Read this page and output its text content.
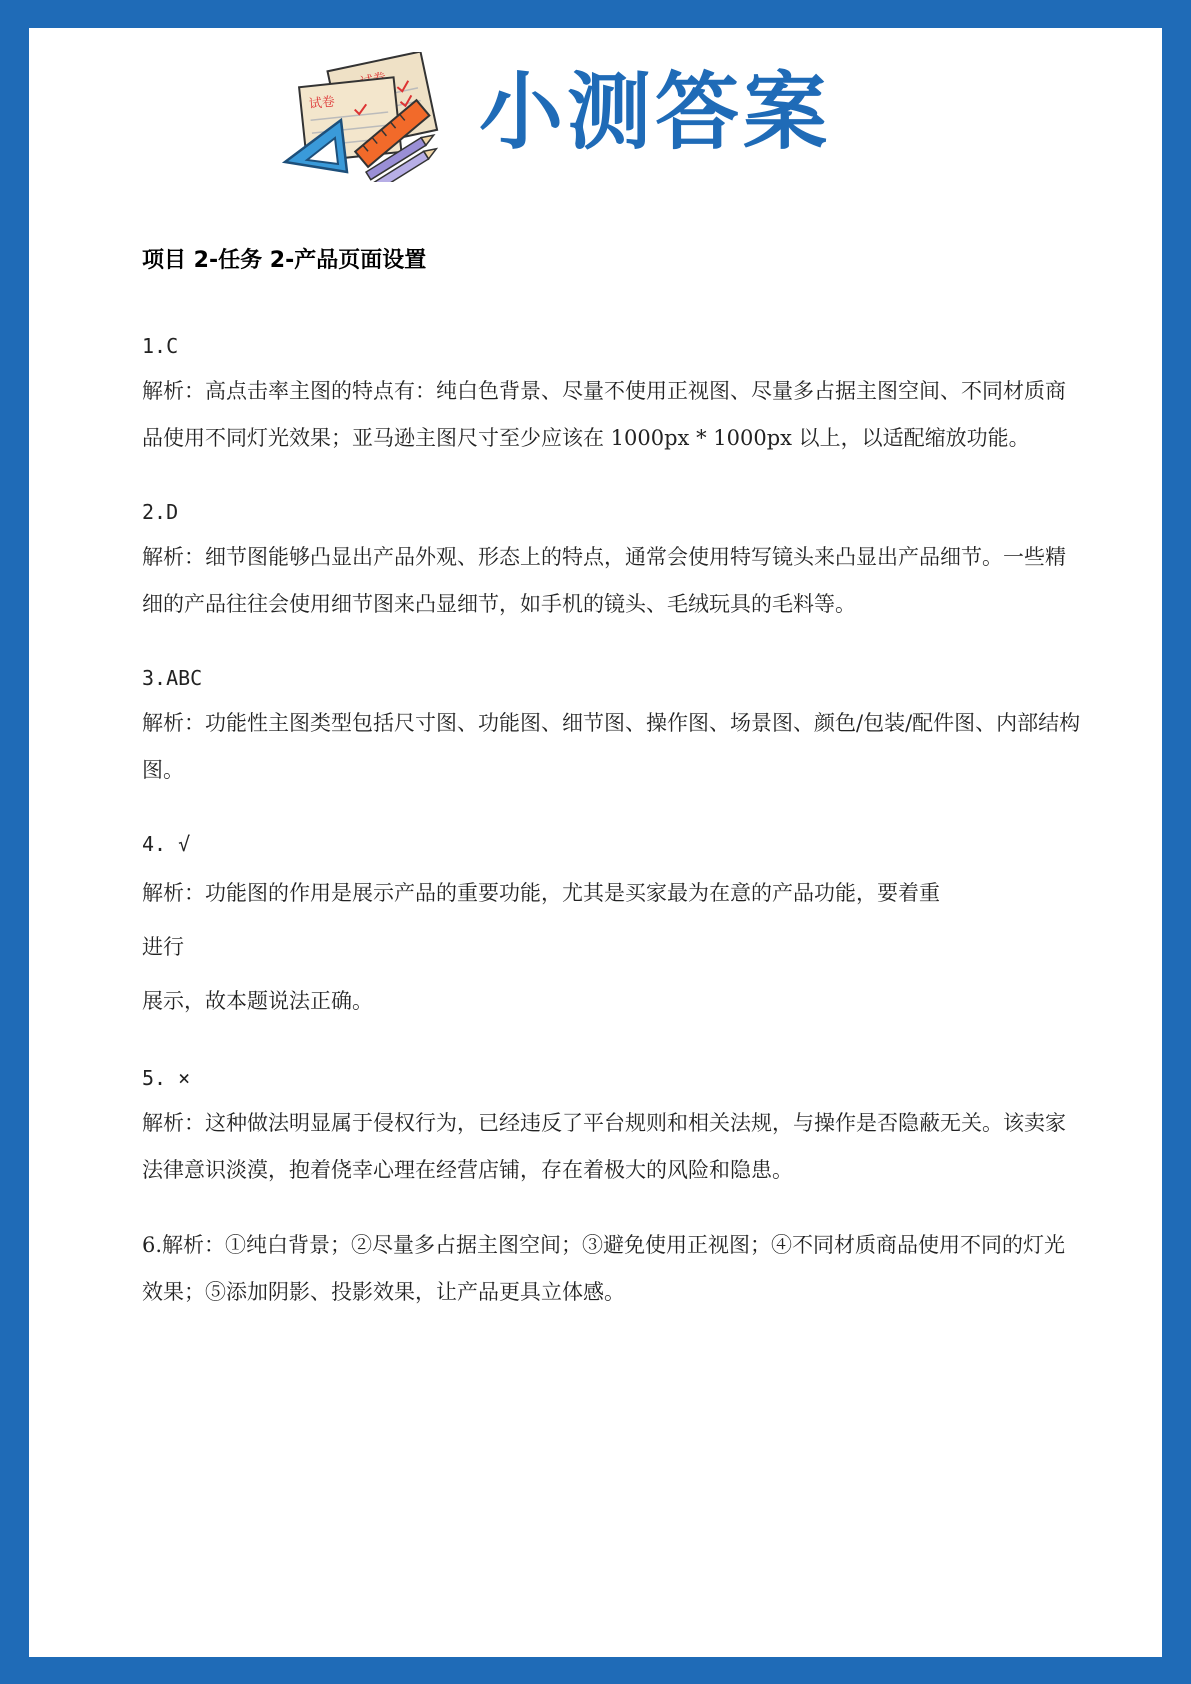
试卷 小测答案
项目 2-任务 2-产品页面设置

1.C

解析：高点击率主图的特点有：纯白色背景、尽量不使用正视图、尽量多占据主图空间、不同材质商品使用不同灯光效果；亚马逊主图尺寸至少应该在 1000px * 1000px 以上，以适配缩放功能。

2.D

解析：细节图能够凸显出产品外观、形态上的特点，通常会使用特写镜头来凸显出产品细节。一些精细的产品往往会使用细节图来凸显细节，如手机的镜头、毛绒玩具的毛料等。

3.ABC

解析：功能性主图类型包括尺寸图、功能图、细节图、操作图、场景图、颜色/包装/配件图、内部结构图。

4. √

解析：功能图的作用是展示产品的重要功能，尤其是买家最为在意的产品功能，要着重

进行

展示，故本题说法正确。

5. ×

解析：这种做法明显属于侵权行为，已经违反了平台规则和相关法规，与操作是否隐蔽无关。该卖家法律意识淡漠，抱着侥幸心理在经营店铺，存在着极大的风险和隐患。

6.解析：①纯白背景；②尽量多占据主图空间；③避免使用正视图；④不同材质商品使用不同的灯光效果；⑤添加阴影、投影效果，让产品更具立体感。
